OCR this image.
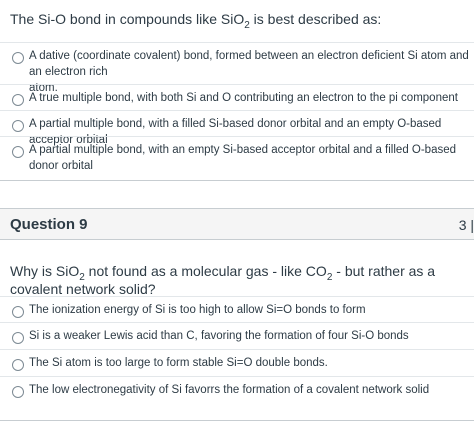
The Si-O bond in compounds like SiO$_2$ is best described as:
A dative (coordinate covalent) bond, formed between an electron deficient Si atom and an electron rich
atom.
A true multiple bond, with both Si and O contributing an electron to the pi component
A partial multiple bond, with a filled Si-based donor orbital and an empty O-based acceptor orbital
A partial multiple bond, with an empty Si-based acceptor orbital and a filled O-based donor orbital
Question 9	3 |
Why is SiO$_2$ not found as a molecular gas - like $CO_2$ - but rather as a covalent network solid?
The ionization energy of Si is too high to allow Si=O bonds to form
Si is a weaker Lewis acid than C, favoring the formation of four Si-O bonds
The Si atom is too large to form stable Si=O double bonds.
The low electronegativity of Si favorrs the formation of a covalent network solid
